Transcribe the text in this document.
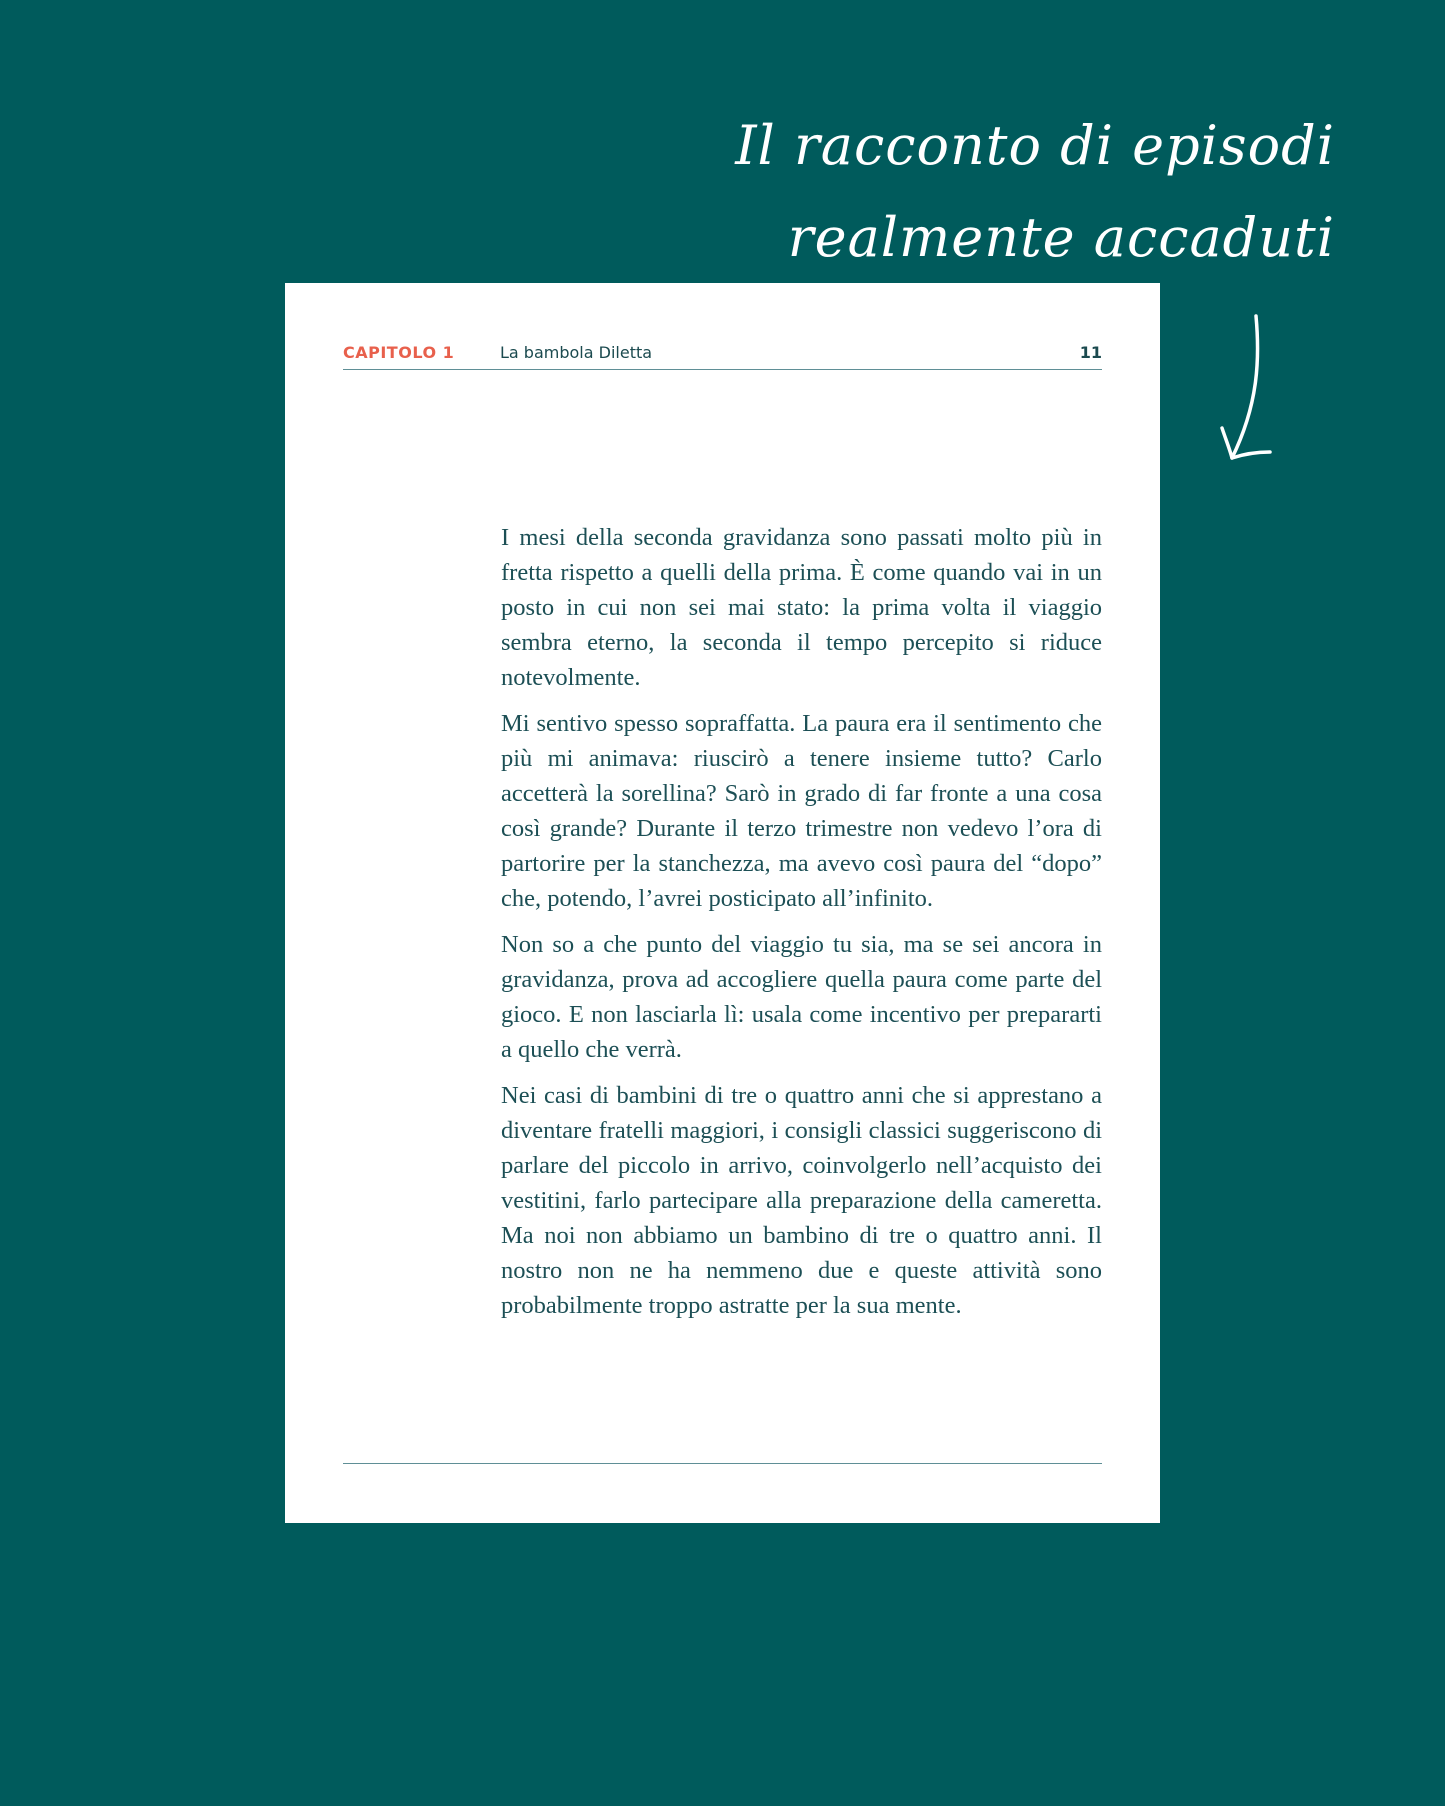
Il racconto di episodi
realmente accaduti
CAPITOLO 1	La bambola Diletta	11

I mesi della seconda gravidanza sono passati molto più in fretta rispetto a quelli della prima. È come quando vai in un posto in cui non sei mai stato: la prima volta il viaggio sembra eterno, la seconda il tempo percepito si riduce notevolmente.

Mi sentivo spesso sopraffatta. La paura era il sentimento che più mi animava: riuscirò a tenere insieme tutto? Carlo accetterà la sorellina? Sarò in grado di far fronte a una cosa così grande? Durante il terzo trimestre non vedevo l’ora di partorire per la stanchezza, ma avevo così paura del “dopo” che, potendo, l’avrei posticipato all’infinito.

Non so a che punto del viaggio tu sia, ma se sei ancora in gravidanza, prova ad accogliere quella paura come parte del gioco. E non lasciarla lì: usala come incentivo per prepararti a quello che verrà.

Nei casi di bambini di tre o quattro anni che si apprestano a diventare fratelli maggiori, i consigli classici suggeriscono di parlare del piccolo in arrivo, coinvolgerlo nell’acquisto dei vestitini, farlo partecipare alla preparazione della cameretta. Ma noi non abbiamo un bambino di tre o quattro anni. Il nostro non ne ha nemmeno due e queste attività sono probabilmente troppo astratte per la sua mente.
